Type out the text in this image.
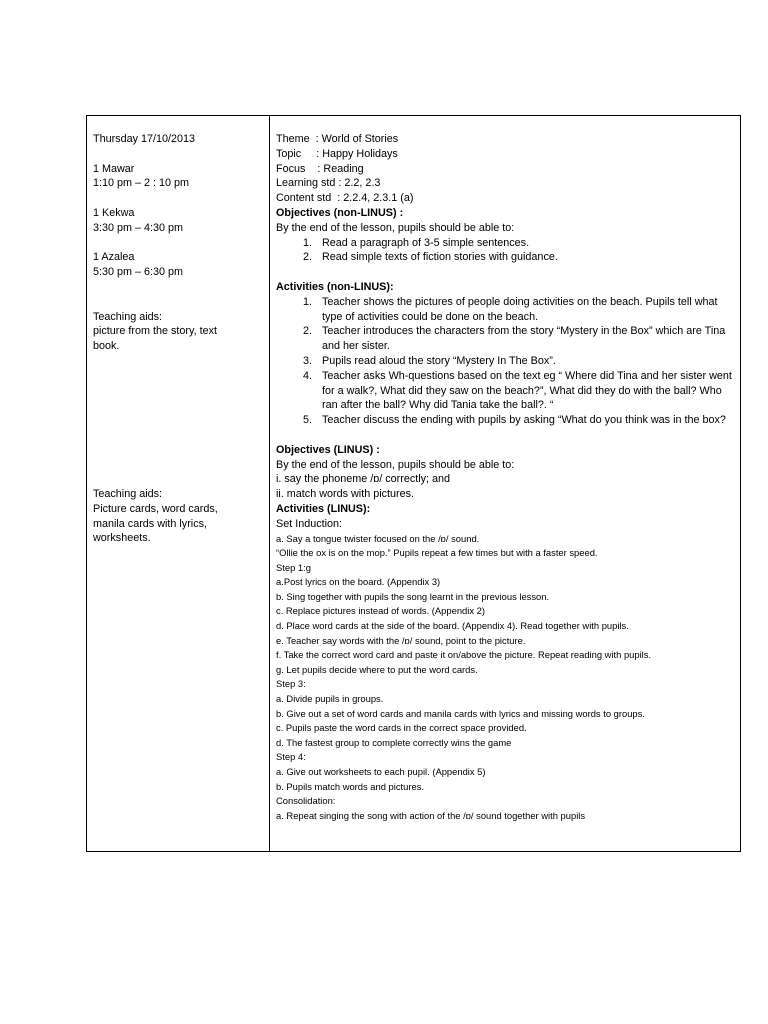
Thursday 17/10/2013
1 Mawar
1:10 pm – 2 : 10 pm
1 Kekwa
3:30 pm – 4:30 pm
1 Azalea
5:30 pm – 6:30 pm
Teaching aids:
picture from the story, text
book.
Teaching aids:
Picture cards, word cards,
manila cards with lyrics,
worksheets.
Theme  : World of Stories
Topic     : Happy Holidays
Focus    : Reading
Learning std : 2.2, 2.3
Content std  : 2.2.4, 2.3.1 (a)
Objectives (non-LINUS) :
By the end of the lesson, pupils should be able to:
1. Read a paragraph of 3-5 simple sentences.
2. Read simple texts of fiction stories with guidance.
Activities (non-LINUS):
1. Teacher shows the pictures of people doing activities on the beach. Pupils tell what type of activities could be done on the beach.
2. Teacher introduces the characters from the story “Mystery in the Box” which are Tina and her sister.
3. Pupils read aloud the story “Mystery In The Box”.
4. Teacher asks Wh-questions based on the text eg “ Where did Tina and her sister went for a walk?, What did they saw on the beach?”, What did they do with the ball? Who ran after the ball? Why did Tania take the ball?. “
5. Teacher discuss the ending with pupils by asking “What do you think was in the box?
Objectives (LINUS) :
By the end of the lesson, pupils should be able to:
i. say the phoneme /ɒ/ correctly; and
ii. match words with pictures.
Activities (LINUS):
Set Induction:
a. Say a tongue twister focused on the /ɒ/ sound.
“Ollie the ox is on the mop.” Pupils repeat a few times but with a faster speed.
Step 1:g
a.Post lyrics on the board. (Appendix 3)
b. Sing together with pupils the song learnt in the previous lesson.
c. Replace pictures instead of words. (Appendix 2)
d. Place word cards at the side of the board. (Appendix 4). Read together with pupils.
e. Teacher say words with the /ɒ/ sound, point to the picture.
f. Take the correct word card and paste it on/above the picture. Repeat reading with pupils.
g. Let pupils decide where to put the word cards.
Step 3:
a. Divide pupils in groups.
b. Give out a set of word cards and manila cards with lyrics and missing words to groups.
c. Pupils paste the word cards in the correct space provided.
d. The fastest group to complete correctly wins the game
Step 4:
a. Give out worksheets to each pupil. (Appendix 5)
b. Pupils match words and pictures.
Consolidation:
a. Repeat singing the song with action of the /ɒ/ sound together with pupils
